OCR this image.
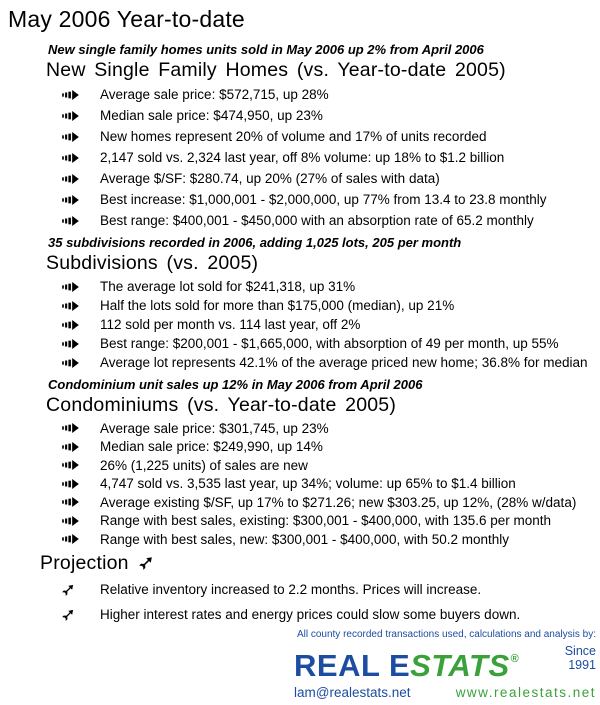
May 2006 Year-to-date
New single family homes units sold in May 2006 up 2% from April 2006
New Single Family Homes (vs. Year-to-date 2005)
Average sale price: $572,715, up 28%
Median sale price: $474,950, up 23%
New homes represent 20% of volume and 17% of units recorded
2,147 sold vs. 2,324 last year, off 8% volume: up 18% to $1.2 billion
Average $/SF: $280.74, up 20% (27% of sales with data)
Best increase: $1,000,001 - $2,000,000, up 77% from 13.4 to 23.8 monthly
Best range: $400,001 - $450,000 with an absorption rate of 65.2 monthly
35 subdivisions recorded in 2006, adding 1,025 lots, 205 per month
Subdivisions (vs. 2005)
The average lot sold for $241,318, up 31%
Half the lots sold for more than $175,000 (median), up 21%
112 sold per month vs. 114 last year, off 2%
Best range: $200,001 - $1,665,000, with absorption of 49 per month, up 55%
Average lot represents 42.1% of the average priced new home; 36.8% for median
Condominium unit sales up 12% in May 2006 from April 2006
Condominiums (vs. Year-to-date 2005)
Average sale price: $301,745, up 23%
Median sale price: $249,990, up 14%
26% (1,225 units) of sales are new
4,747 sold vs. 3,535 last year, up 34%; volume: up 65% to $1.4 billion
Average existing $/SF, up 17% to $271.26; new $303.25, up 12%, (28% w/data)
Range with best sales, existing: $300,001 - $400,000, with 135.6 per month
Range with best sales, new: $300,001 - $400,000, with 50.2 monthly
Projection
Relative inventory increased to 2.2 months. Prices will increase.
Higher interest rates and energy prices could slow some buyers down.
All county recorded transactions used, calculations and analysis by:
REAL ESTATS®
Since
1991
lam@realestats.net	www.realestats.net
